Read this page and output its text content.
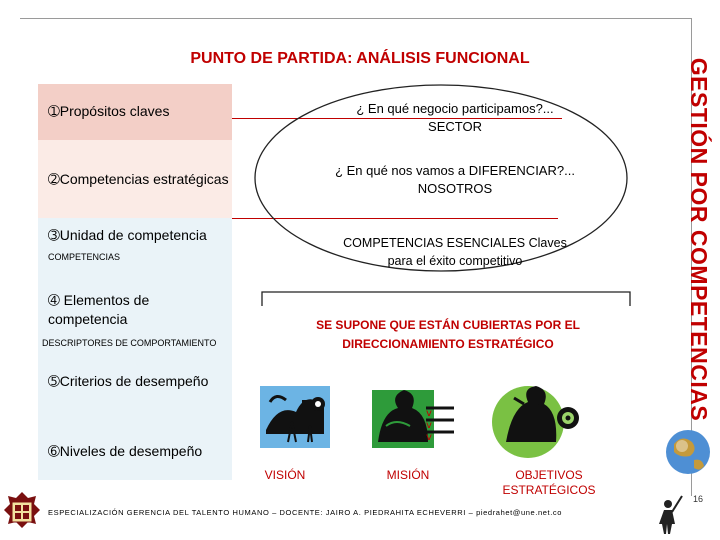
PUNTO DE PARTIDA: ANÁLISIS FUNCIONAL	GESTIÓN POR COMPETENCIAS
➀Propósitos claves
➁Competencias estratégicas
➂Unidad de competencia
COMPETENCIAS
➃ Elementos de competencia
DESCRIPTORES DE COMPORTAMIENTO
➄Criterios de desempeño
➅Niveles de desempeño
¿ En qué negocio participamos?...
SECTOR
¿ En qué nos vamos a DIFERENCIAR?...
NOSOTROS
COMPETENCIAS ESENCIALES Claves
para el éxito competitivo
SE SUPONE QUE ESTÁN CUBIERTAS POR EL
DIRECCIONAMIENTO ESTRATÉGICO
VISIÓN
v
v
v
MISIÓN	OBJETIVOS ESTRATÉGICOS
ESPECIALIZACIÓN GERENCIA DEL TALENTO HUMANO – DOCENTE: JAIRO A. PIEDRAHITA ECHEVERRI – piedrahet@une.net.co
16
